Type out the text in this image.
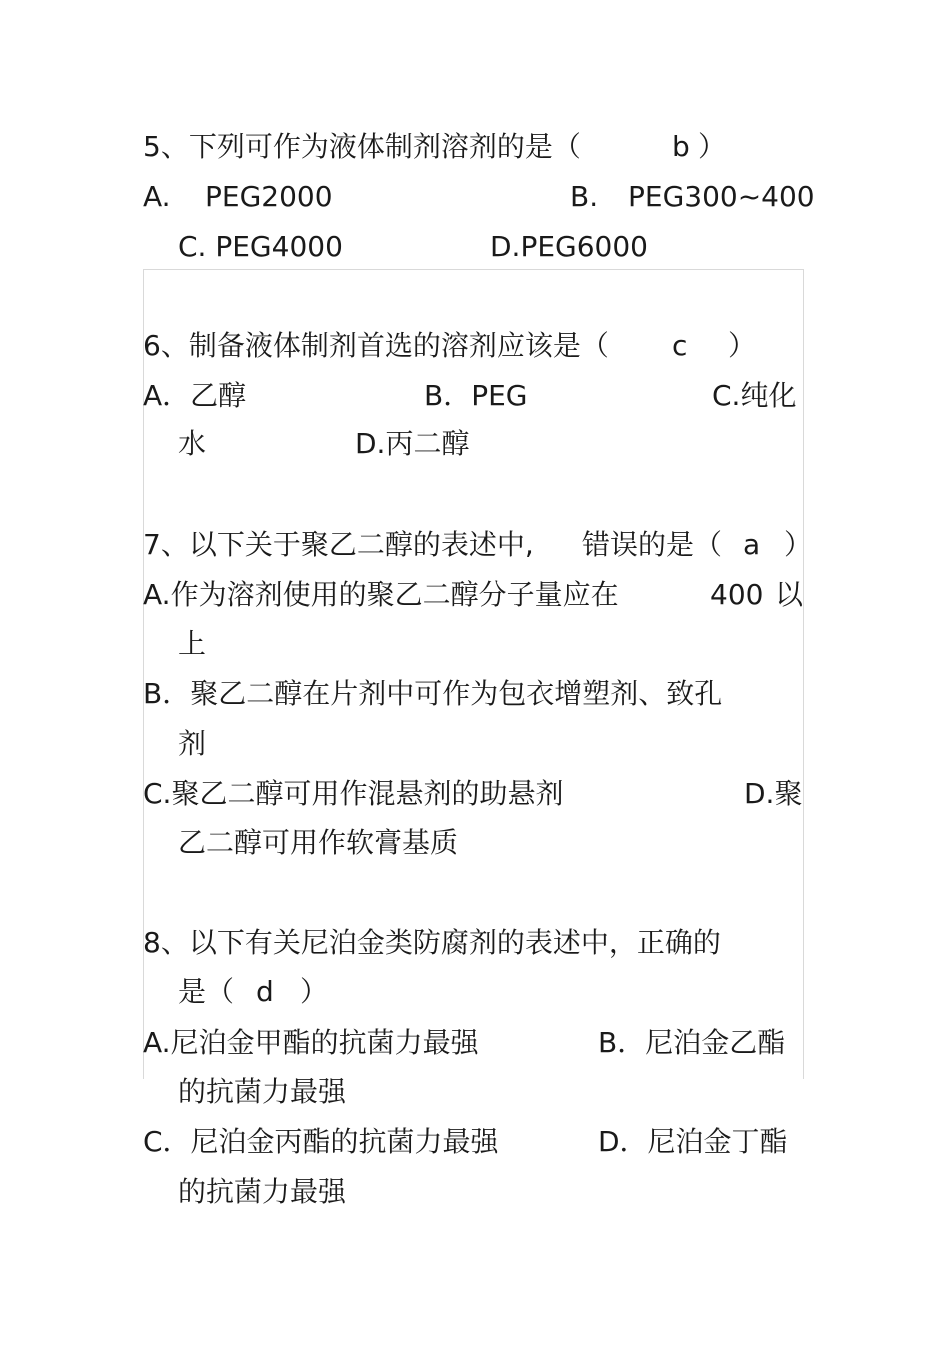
5、下列可作为液体制剂溶剂的是（	b ）
A. PEG2000	B. PEG300~400
C. PEG4000	D.PEG6000
6、制备液体制剂首选的溶剂应该是（ c ）
A．乙醇	B．PEG	C.纯化
水	D.丙二醇
7、以下关于聚乙二醇的表述中, 错误的是（ a ）
A.作为溶剂使用的聚乙二醇分子量应在	400 以
上
B．聚乙二醇在片剂中可作为包衣增塑剂、致孔
剂
C.聚乙二醇可用作混悬剂的助悬剂	D.聚
乙二醇可用作软膏基质
8、以下有关尼泊金类防腐剂的表述中，正确的
是（ d ）
A.尼泊金甲酯的抗菌力最强	B．尼泊金乙酯
的抗菌力最强
C．尼泊金丙酯的抗菌力最强	D．尼泊金丁酯
的抗菌力最强
